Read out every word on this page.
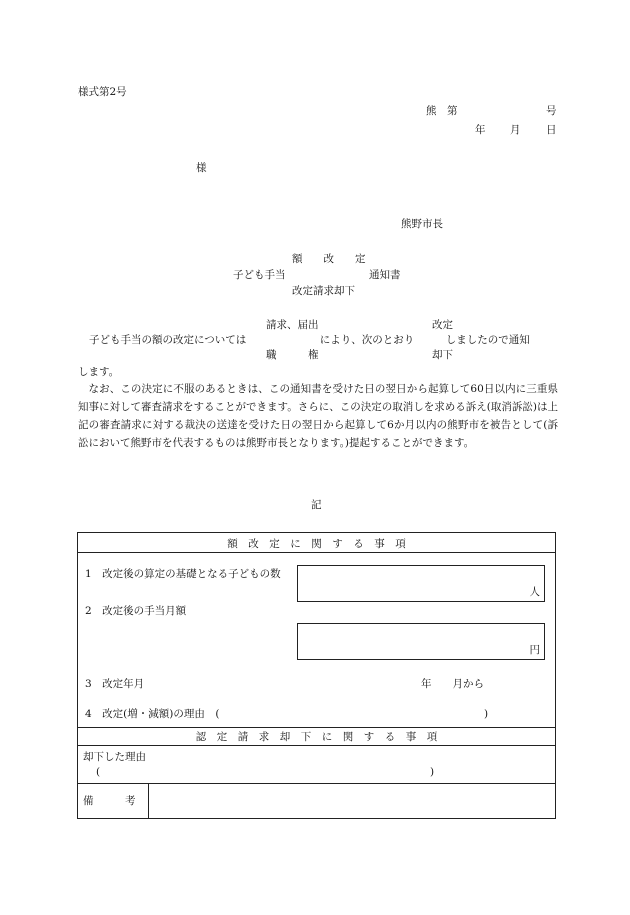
様式第2号
熊　第	号
年 月 日
様
熊野市長
額　　改　　定
子ども手当	通知書
改定請求却下
請求、届出	改定
子ども手当の額の改定については　　　　　　　により、次のとおり　　　しましたので通知
職　　　権	却下
します。
なお、この決定に不服のあるときは、この通知書を受けた日の翌日から起算して60日以内に三重県知事に対して審査請求をすることができます。さらに、この決定の取消しを求める訴え(取消訴訟)は上記の審査請求に対する裁決の送達を受けた日の翌日から起算して6か月以内の熊野市を被告として(訴訟において熊野市を代表するものは熊野市長となります。)提起することができます。
記
額　改　定　に　関　す　る　事　項
1　改定後の算定の基礎となる子どもの数
人
2　改定後の手当月額
円
3　改定年月	年　　月から
4　改定(増・減額)の理由　(	)
認　定　請　求　却　下　に　関　す　る　事　項
却下した理由
(	)
備　　　考
